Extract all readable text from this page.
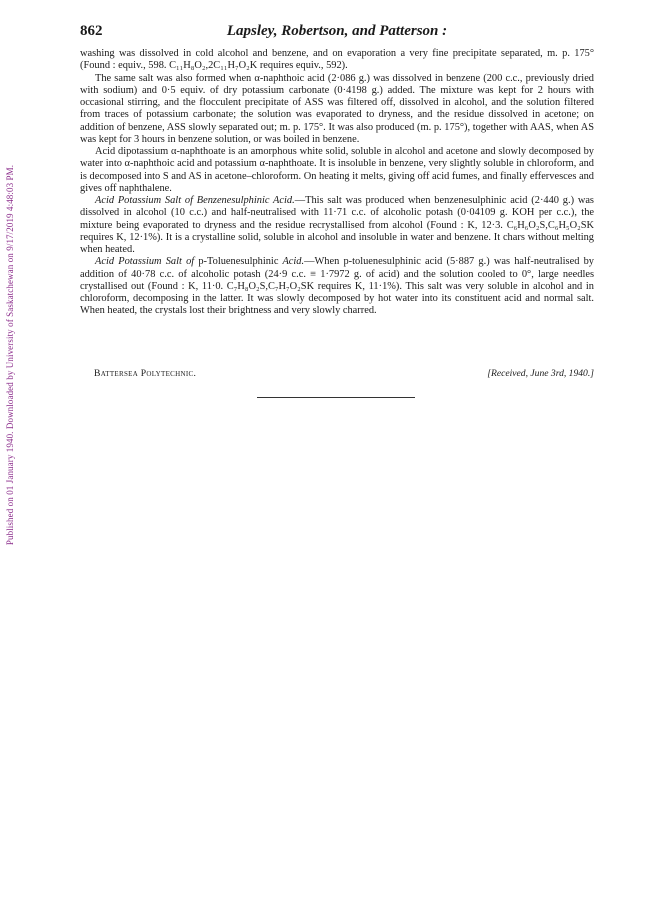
Published on 01 January 1940. Downloaded by University of Saskatchewan on 9/17/2019 4:48:03 PM.
862	Lapsley, Robertson, and Patterson :

washing was dissolved in cold alcohol and benzene, and on evaporation a very fine precipitate separated, m. p. 175° (Found : equiv., 598. C₁₁H₈O₂,2C₁₁H₇O₂K requires equiv., 592).

The same salt was also formed when α-naphthoic acid (2·086 g.) was dissolved in benzene (200 c.c., previously dried with sodium) and 0·5 equiv. of dry potassium carbonate (0·4198 g.) added. The mixture was kept for 2 hours with occasional stirring, and the flocculent precipitate of ASS was filtered off, dissolved in alcohol, and the solution filtered from traces of potassium carbonate; the solution was evaporated to dryness, and the residue dissolved in acetone; on addition of benzene, ASS slowly separated out; m. p. 175°. It was also produced (m. p. 175°), together with AAS, when AS was kept for 3 hours in benzene solution, or was boiled in benzene.

Acid dipotassium α-naphthoate is an amorphous white solid, soluble in alcohol and acetone and slowly decomposed by water into α-naphthoic acid and potassium α-naphthoate. It is insoluble in benzene, very slightly soluble in chloroform, and is decomposed into S and AS in acetone–chloroform. On heating it melts, giving off acid fumes, and finally effervesces and gives off naphthalene.

Acid Potassium Salt of Benzenesulphinic Acid.—This salt was produced when benzenesulphinic acid (2·440 g.) was dissolved in alcohol (10 c.c.) and half-neutralised with 11·71 c.c. of alcoholic potash (0·04109 g. KOH per c.c.), the mixture being evaporated to dryness and the residue recrystallised from alcohol (Found : K, 12·3. C₆H₆O₂S,C₆H₅O₂SK requires K, 12·1%). It is a crystalline solid, soluble in alcohol and insoluble in water and benzene. It chars without melting when heated.

Acid Potassium Salt of p-Toluenesulphinic Acid.—When p-toluenesulphinic acid (5·887 g.) was half-neutralised by addition of 40·78 c.c. of alcoholic potash (24·9 c.c. ≡ 1·7972 g. of acid) and the solution cooled to 0°, large needles crystallised out (Found : K, 11·0. C₇H₈O₂S,C₇H₇O₂SK requires K, 11·1%). This salt was very soluble in alcohol and in chloroform, decomposing in the latter. It was slowly decomposed by hot water into its constituent acid and normal salt. When heated, the crystals lost their brightness and very slowly charred.

Battersea Polytechnic.	[Received, June 3rd, 1940.]
